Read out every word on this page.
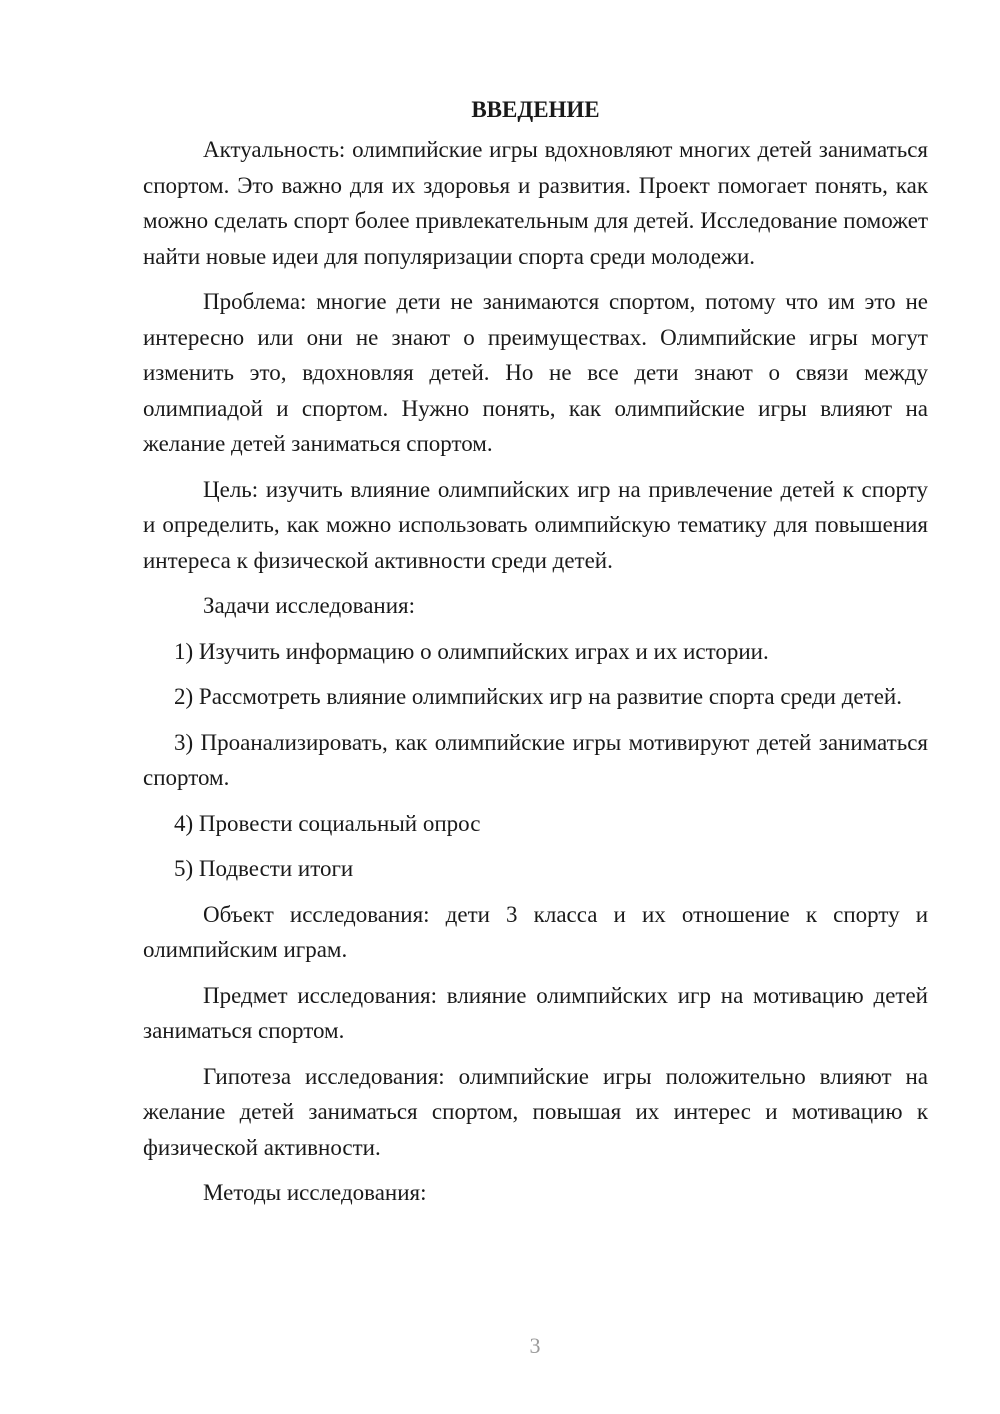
ВВЕДЕНИЕ

Актуальность: олимпийские игры вдохновляют многих детей заниматься спортом. Это важно для их здоровья и развития. Проект помогает понять, как можно сделать спорт более привлекательным для детей. Исследование поможет найти новые идеи для популяризации спорта среди молодежи.

Проблема: многие дети не занимаются спортом, потому что им это не интересно или они не знают о преимуществах. Олимпийские игры могут изменить это, вдохновляя детей. Но не все дети знают о связи между олимпиадой и спортом. Нужно понять, как олимпийские игры влияют на желание детей заниматься спортом.

Цель: изучить влияние олимпийских игр на привлечение детей к спорту и определить, как можно использовать олимпийскую тематику для повышения интереса к физической активности среди детей.

Задачи исследования:

1) Изучить информацию о олимпийских играх и их истории.

2) Рассмотреть влияние олимпийских игр на развитие спорта среди детей.

3) Проанализировать, как олимпийские игры мотивируют детей заниматься спортом.

4) Провести социальный опрос

5) Подвести итоги

Объект исследования: дети 3 класса и их отношение к спорту и олимпийским играм.

Предмет исследования: влияние олимпийских игр на мотивацию детей заниматься спортом.

Гипотеза исследования: олимпийские игры положительно влияют на желание детей заниматься спортом, повышая их интерес и мотивацию к физической активности.

Методы исследования:

3
